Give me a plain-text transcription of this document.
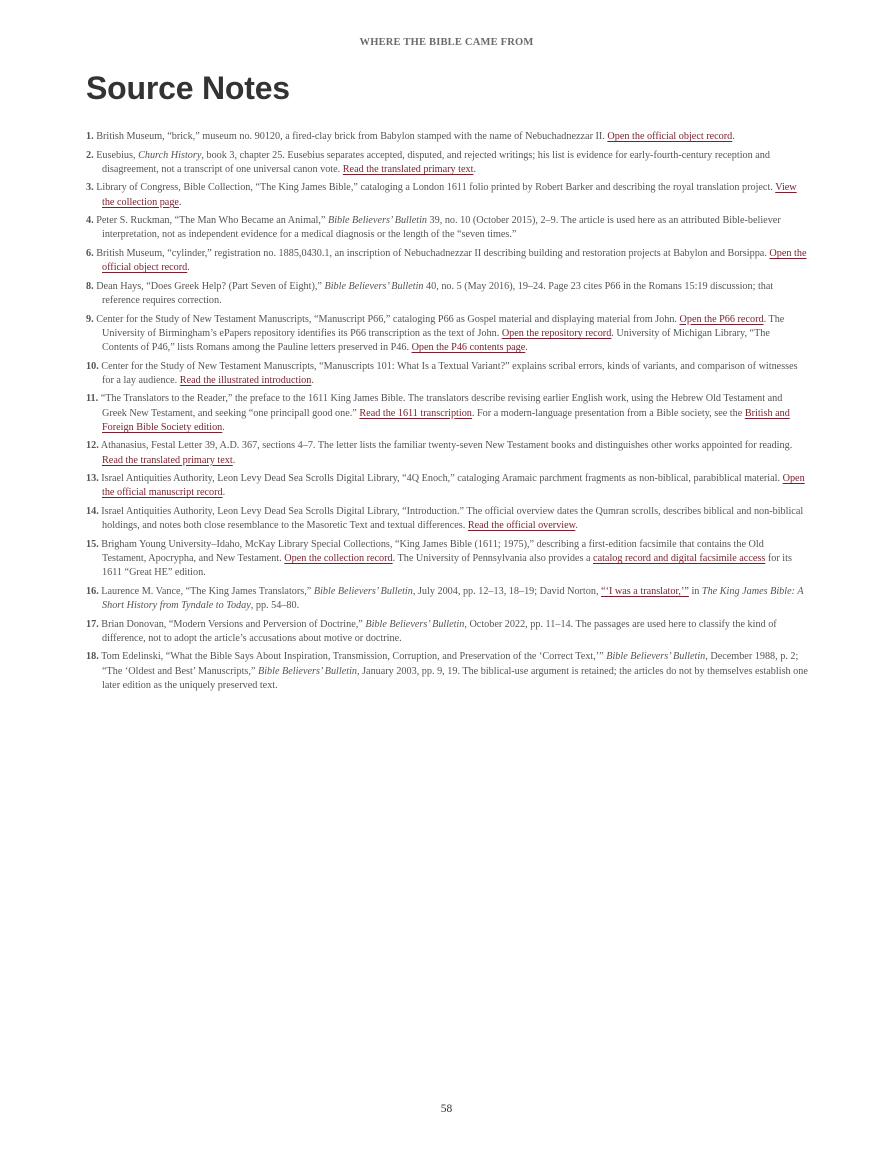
WHERE THE BIBLE CAME FROM
Source Notes
1. British Museum, “brick,” museum no. 90120, a fired-clay brick from Babylon stamped with the name of Nebuchadnezzar II. Open the official object record.
2. Eusebius, Church History, book 3, chapter 25. Eusebius separates accepted, disputed, and rejected writings; his list is evidence for early-fourth-century reception and disagreement, not a transcript of one universal canon vote. Read the translated primary text.
3. Library of Congress, Bible Collection, “The King James Bible,” cataloging a London 1611 folio printed by Robert Barker and describing the royal translation project. View the collection page.
4. Peter S. Ruckman, “The Man Who Became an Animal,” Bible Believers’ Bulletin 39, no. 10 (October 2015), 2–9. The article is used here as an attributed Bible-believer interpretation, not as independent evidence for a medical diagnosis or the length of the “seven times.”
6. British Museum, “cylinder,” registration no. 1885,0430.1, an inscription of Nebuchadnezzar II describing building and restoration projects at Babylon and Borsippa. Open the official object record.
8. Dean Hays, “Does Greek Help? (Part Seven of Eight),” Bible Believers’ Bulletin 40, no. 5 (May 2016), 19–24. Page 23 cites P66 in the Romans 15:19 discussion; that reference requires correction.
9. Center for the Study of New Testament Manuscripts, “Manuscript P66,” cataloging P66 as Gospel material and displaying material from John. Open the P66 record. The University of Birmingham’s ePapers repository identifies its P66 transcription as the text of John. Open the repository record. University of Michigan Library, “The Contents of P46,” lists Romans among the Pauline letters preserved in P46. Open the P46 contents page.
10. Center for the Study of New Testament Manuscripts, “Manuscripts 101: What Is a Textual Variant?” explains scribal errors, kinds of variants, and comparison of witnesses for a lay audience. Read the illustrated introduction.
11. “The Translators to the Reader,” the preface to the 1611 King James Bible. The translators describe revising earlier English work, using the Hebrew Old Testament and Greek New Testament, and seeking “one principall good one.” Read the 1611 transcription. For a modern-language presentation from a Bible society, see the British and Foreign Bible Society edition.
12. Athanasius, Festal Letter 39, A.D. 367, sections 4–7. The letter lists the familiar twenty-seven New Testament books and distinguishes other works appointed for reading. Read the translated primary text.
13. Israel Antiquities Authority, Leon Levy Dead Sea Scrolls Digital Library, “4Q Enoch,” cataloging Aramaic parchment fragments as non-biblical, parabiblical material. Open the official manuscript record.
14. Israel Antiquities Authority, Leon Levy Dead Sea Scrolls Digital Library, “Introduction.” The official overview dates the Qumran scrolls, describes biblical and non-biblical holdings, and notes both close resemblance to the Masoretic Text and textual differences. Read the official overview.
15. Brigham Young University–Idaho, McKay Library Special Collections, “King James Bible (1611; 1975),” describing a first-edition facsimile that contains the Old Testament, Apocrypha, and New Testament. Open the collection record. The University of Pennsylvania also provides a catalog record and digital facsimile access for its 1611 “Great HE” edition.
16. Laurence M. Vance, “The King James Translators,” Bible Believers’ Bulletin, July 2004, pp. 12–13, 18–19; David Norton, “‘I was a translator,’” in The King James Bible: A Short History from Tyndale to Today, pp. 54–80.
17. Brian Donovan, “Modern Versions and Perversion of Doctrine,” Bible Believers’ Bulletin, October 2022, pp. 11–14. The passages are used here to classify the kind of difference, not to adopt the article’s accusations about motive or doctrine.
18. Tom Edelinski, “What the Bible Says About Inspiration, Transmission, Corruption, and Preservation of the ‘Correct Text,’” Bible Believers’ Bulletin, December 1988, p. 2; “The ‘Oldest and Best’ Manuscripts,” Bible Believers’ Bulletin, January 2003, pp. 9, 19. The biblical-use argument is retained; the articles do not by themselves establish one later edition as the uniquely preserved text.
58
